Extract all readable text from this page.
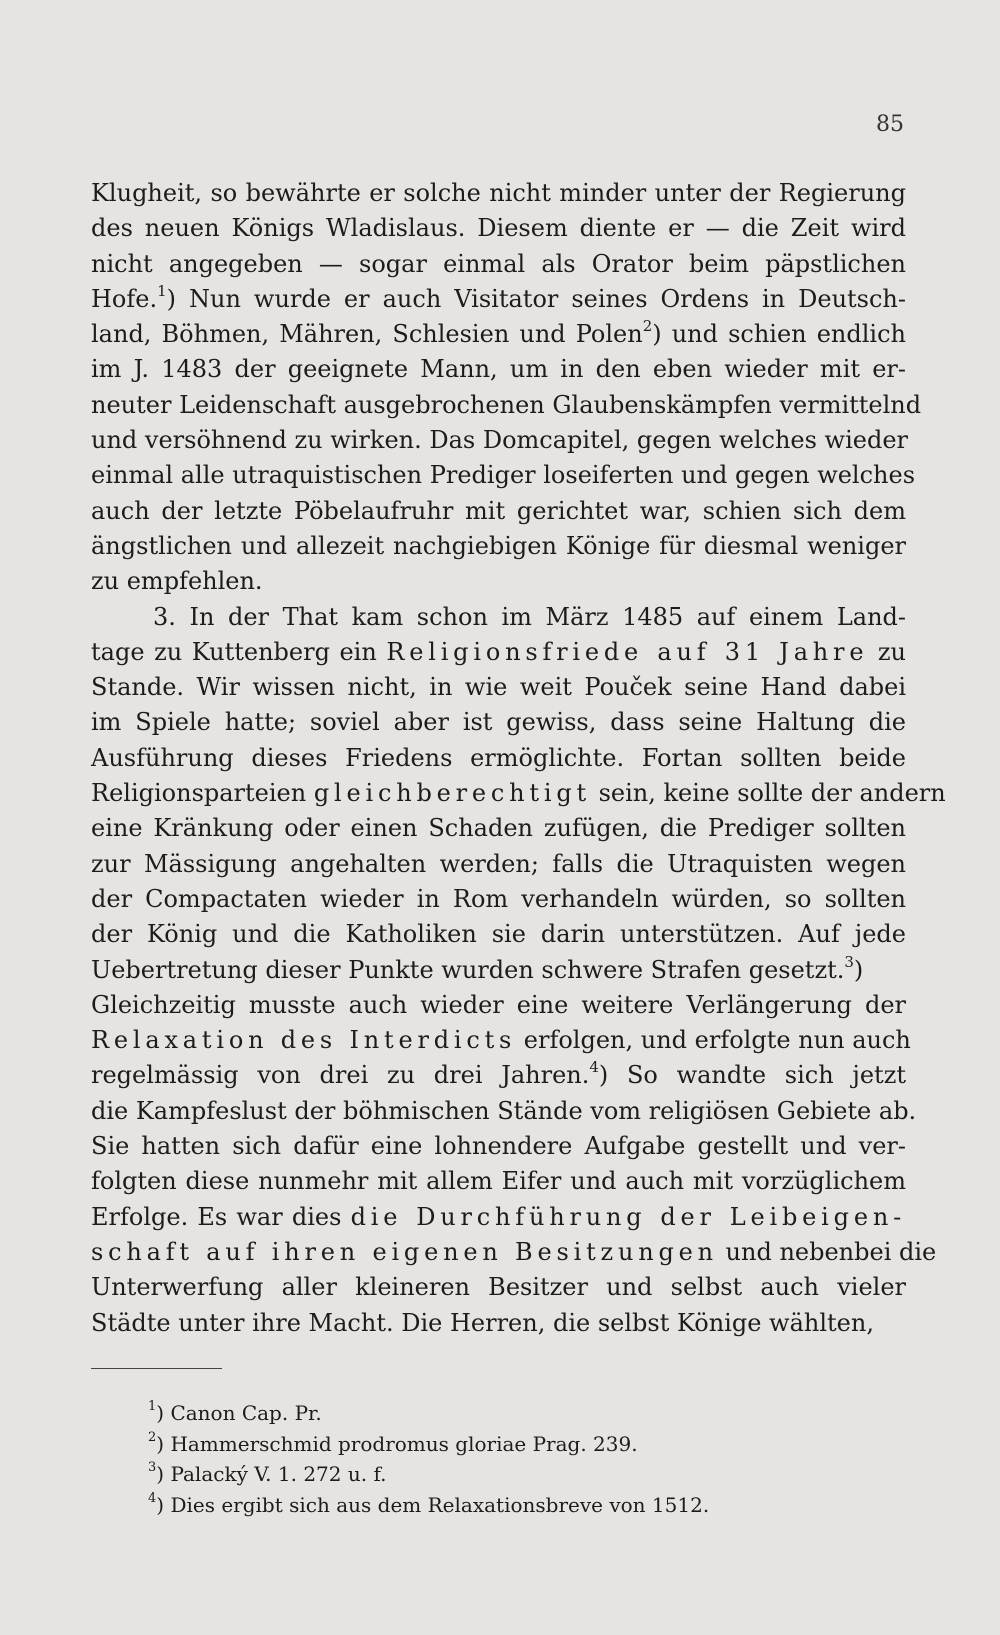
85
Klugheit, so bewährte er solche nicht minder unter der Regierung
des neuen Königs Wladislaus. Diesem diente er — die Zeit wird
nicht angegeben — sogar einmal als Orator beim päpstlichen
Hofe.$^1$) Nun wurde er auch Visitator seines Ordens in Deutsch-
land, Böhmen, Mähren, Schlesien und Polen$^2$) und schien endlich
im J. 1483 der geeignete Mann, um in den eben wieder mit er-
neuter Leidenschaft ausgebrochenen Glaubenskämpfen vermittelnd
und versöhnend zu wirken. Das Domcapitel, gegen welches wieder
einmal alle utraquistischen Prediger loseiferten und gegen welches
auch der letzte Pöbelaufruhr mit gerichtet war, schien sich dem
ängstlichen und allezeit nachgiebigen Könige für diesmal weniger
zu empfehlen.
3. In der That kam schon im März 1485 auf einem Land-
tage zu Kuttenberg ein Religionsfriede auf 31 Jahre zu
Stande. Wir wissen nicht, in wie weit Pouček seine Hand dabei
im Spiele hatte; soviel aber ist gewiss, dass seine Haltung die
Ausführung dieses Friedens ermöglichte. Fortan sollten beide
Religionsparteien gleichberechtigt sein, keine sollte der andern
eine Kränkung oder einen Schaden zufügen, die Prediger sollten
zur Mässigung angehalten werden; falls die Utraquisten wegen
der Compactaten wieder in Rom verhandeln würden, so sollten
der König und die Katholiken sie darin unterstützen. Auf jede
Uebertretung dieser Punkte wurden schwere Strafen gesetzt.$^3$)
Gleichzeitig musste auch wieder eine weitere Verlängerung der
Relaxation des Interdicts erfolgen, und erfolgte nun auch
regelmässig von drei zu drei Jahren.$^4$) So wandte sich jetzt
die Kampfeslust der böhmischen Stände vom religiösen Gebiete ab.
Sie hatten sich dafür eine lohnendere Aufgabe gestellt und ver-
folgten diese nunmehr mit allem Eifer und auch mit vorzüglichem
Erfolge. Es war dies die Durchführung der Leibeigen-
schaft auf ihren eigenen Besitzungen und nebenbei die
Unterwerfung aller kleineren Besitzer und selbst auch vieler
Städte unter ihre Macht. Die Herren, die selbst Könige wählten,
$^1$) Canon Cap. Pr.
$^2$) Hammerschmid prodromus gloriae Prag. 239.
$^3$) Palacký V. 1. 272 u. f.
$^4$) Dies ergibt sich aus dem Relaxationsbreve von 1512.
